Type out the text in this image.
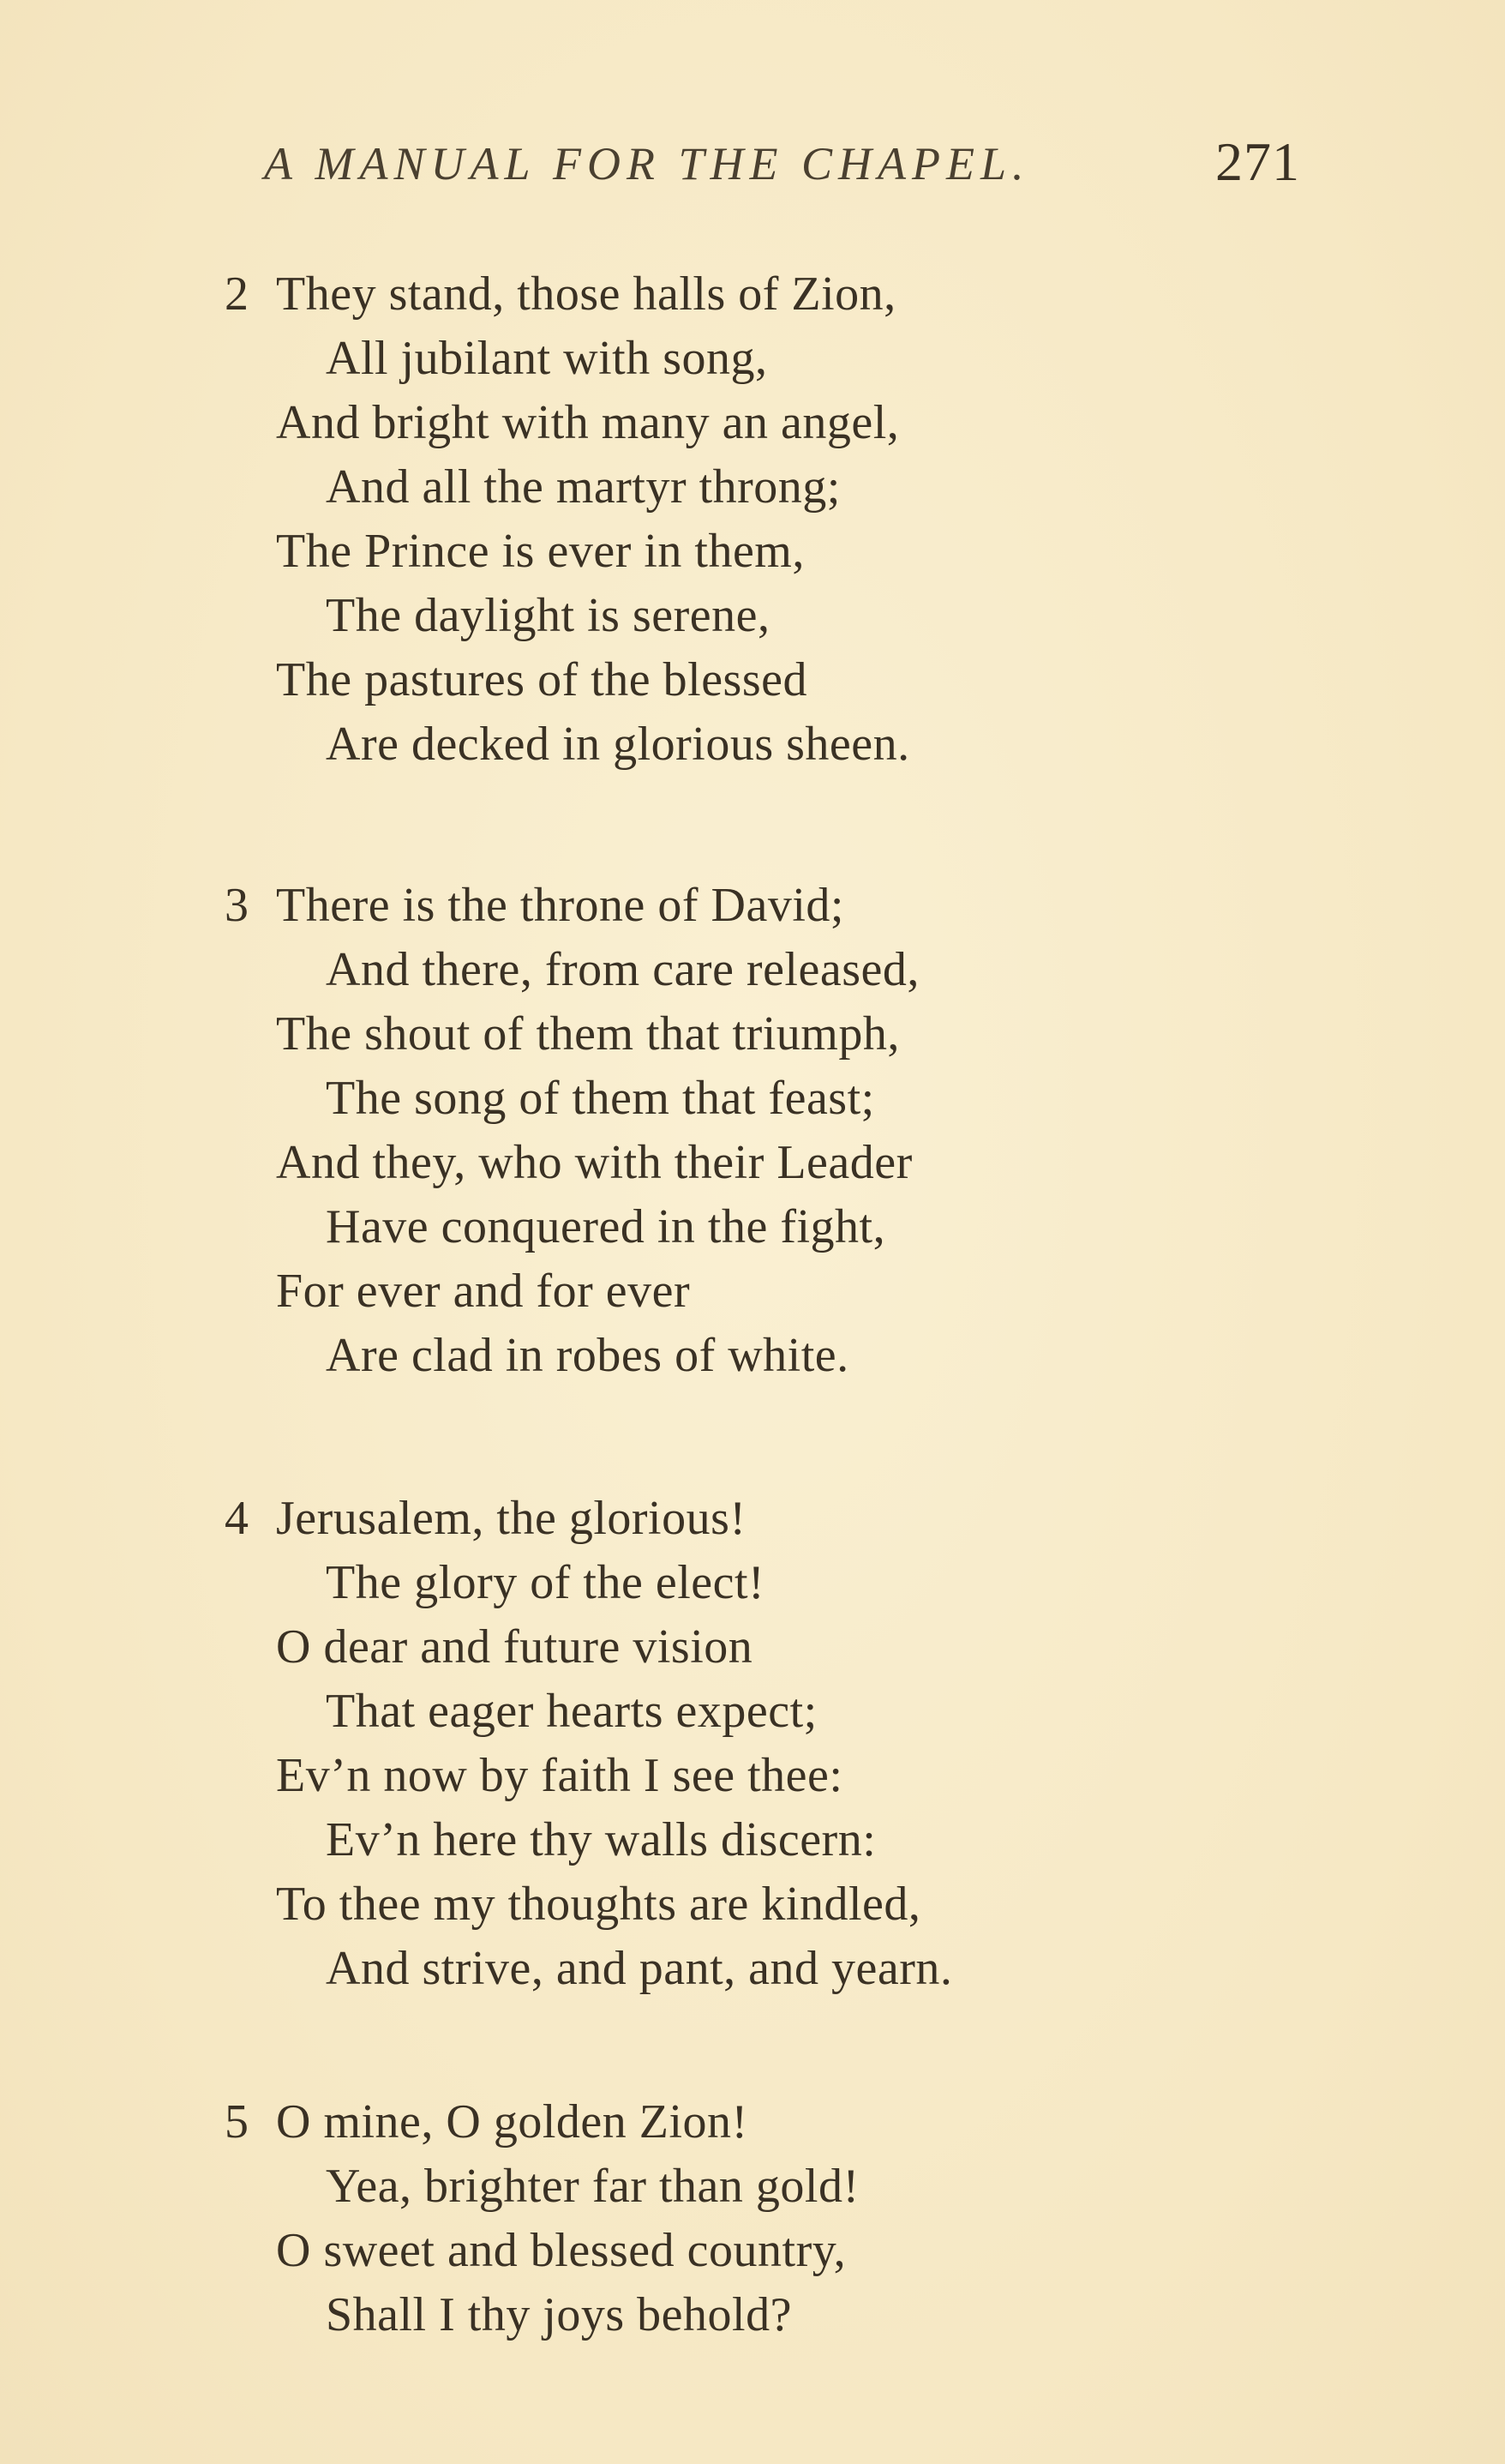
A MANUAL FOR THE CHAPEL.	271
2 They stand, those halls of Zion,
All jubilant with song,
And bright with many an angel,
And all the martyr throng;
The Prince is ever in them,
The daylight is serene,
The pastures of the blessed
Are decked in glorious sheen.
3 There is the throne of David;
And there, from care released,
The shout of them that triumph,
The song of them that feast;
And they, who with their Leader
Have conquered in the fight,
For ever and for ever
Are clad in robes of white.
4 Jerusalem, the glorious!
The glory of the elect!
O dear and future vision
That eager hearts expect;
Ev’n now by faith I see thee:
Ev’n here thy walls discern:
To thee my thoughts are kindled,
And strive, and pant, and yearn.
5 O mine, O golden Zion!
Yea, brighter far than gold!
O sweet and blessed country,
Shall I thy joys behold?
